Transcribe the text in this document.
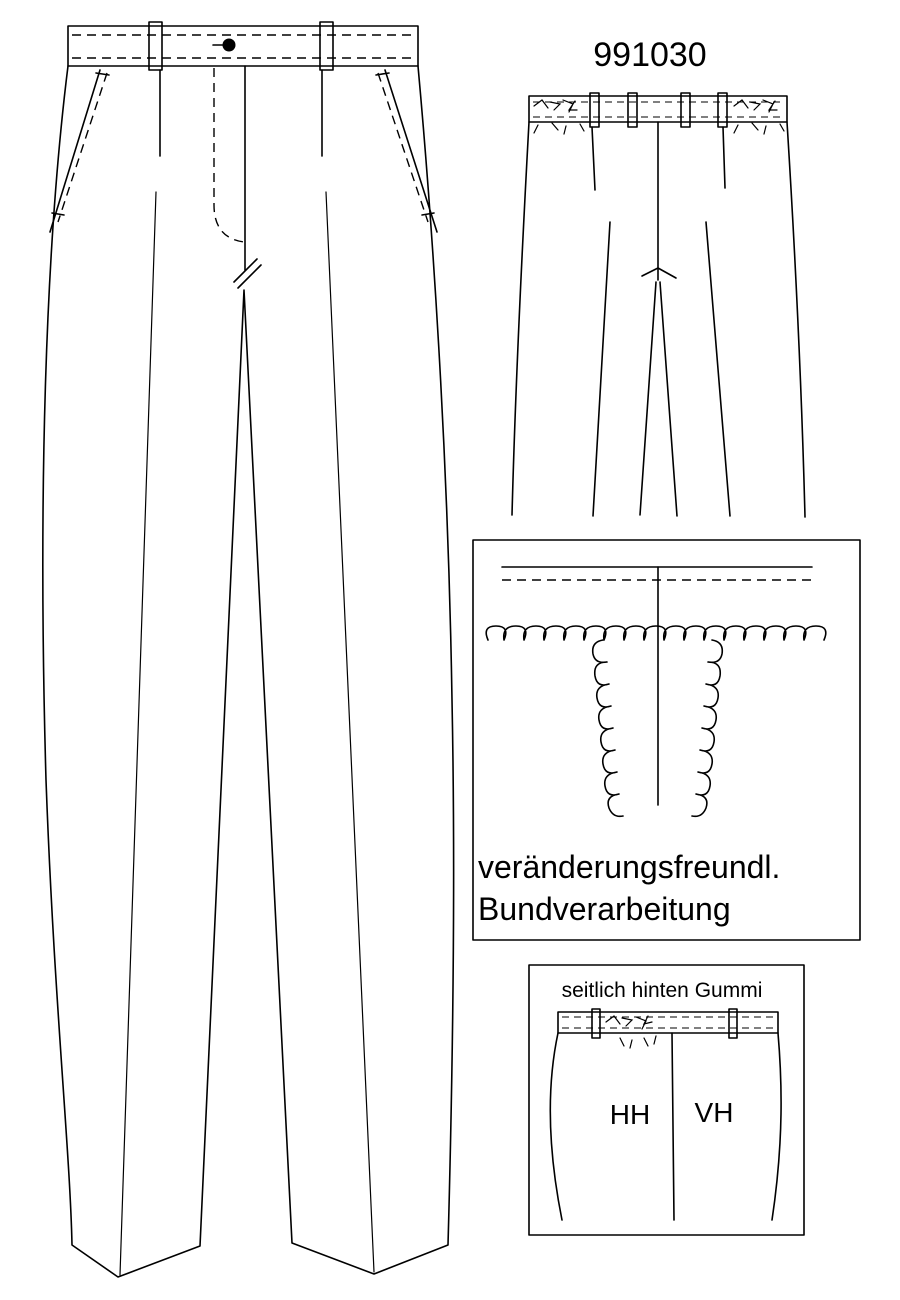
991030
veränderungsfreundl.
Bundverarbeitung
seitlich hinten Gummi
HH VH
